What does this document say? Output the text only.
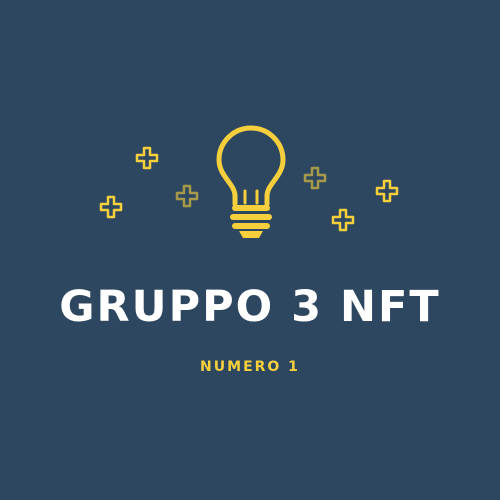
GRUPPO 3 NFT
NUMERO 1
